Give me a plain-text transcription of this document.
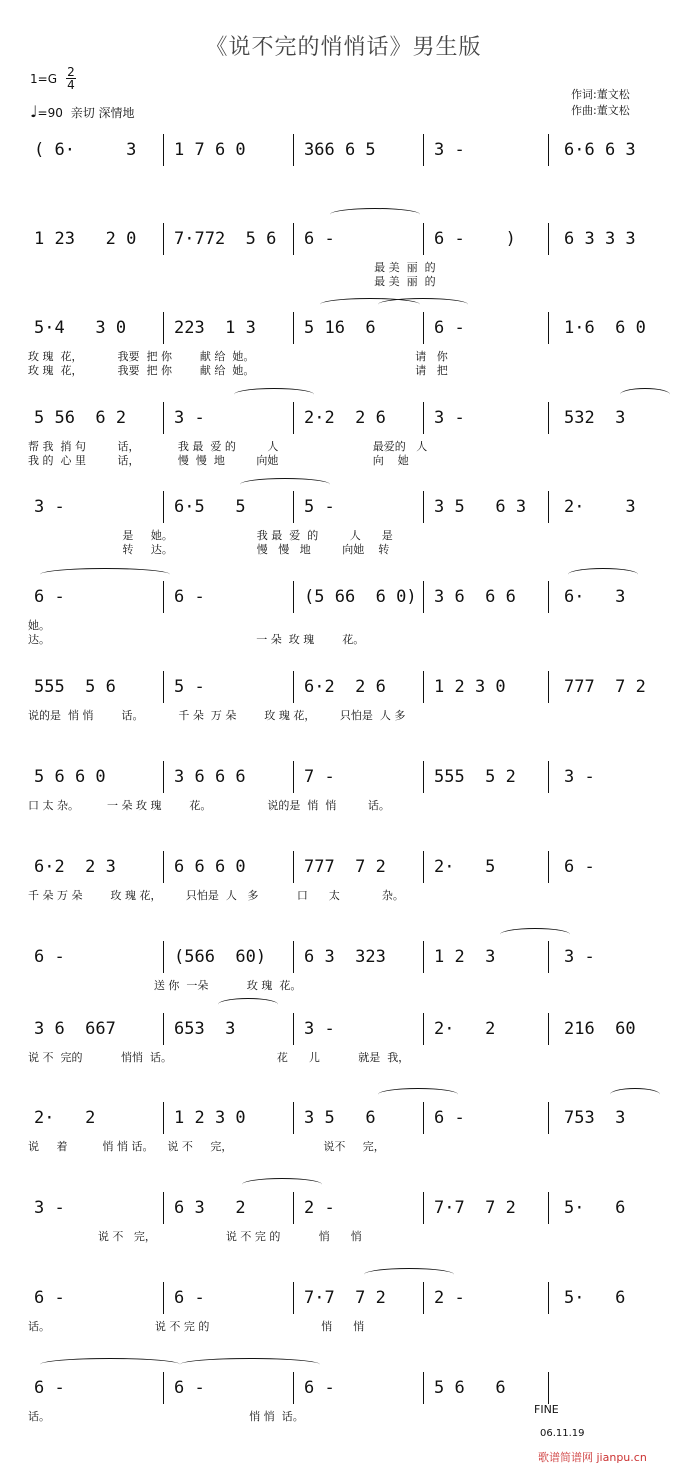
《说不完的悄悄话》男生版
$1=G \frac{2}{4}$
♩=90 亲切 深情地
作词:董文松
作曲:董文松
( 6·     3 1 7 6 0	366 6 5	3 -	6·6 6 3
1 23   2 0 7·772  5 6 6 -	6 -    )	6 3 3 3
最 美  丽  的
最 美  丽  的
5·4   3 0	223  1 3	5 16  6	6 -	1·6  6 0
玫 瑰  花，          我要  把 你        献 给  她。                                              请   你
玫 瑰  花，          我要  把 你        献 给  她。                                              请   把
5 56  6 2	3 -	2·2  2 6	3 -	532  3
帮 我  捎 句         话，           我 最  爱 的         人                           最爱的   人
我 的  心 里         话，           慢  慢  地         向她                           向    她
3 -	6·5   5	5 -	3 5   6 3 2·    3
是     她。                        我 最  爱  的         人      是
转     达。                        慢   慢   地         向她    转
6 -	6 -	(5 66  6 0) 3 6  6 6	6·   3
她。
达。                                                           一 朵  玫 瑰        花。
555  5 6	5 -	6·2  2 6	1 2 3 0	777  7 2
说的是  悄 悄        话。          千 朵  万 朵        玫 瑰 花，       只怕是  人 多
5 6 6 0	3 6 6 6	7 -	555  5 2	3 -
口 太 杂。        一 朵 玫 瑰        花。                说的是  悄  悄         话。
6·2  2 3	6 6 6 0	777  7 2	2·   5	6 -
千 朵 万 朵        玫 瑰 花，       只怕是  人   多           口      太            杂。
6 -	(566  60) 6 3  323	1 2  3	3 -
送 你  一朵           玫 瑰  花。
3 6  667	653  3	3 -	2·   2	216  60
说 不  完的           悄悄  话。                              花      儿           就是  我，
2·   2	1 2 3 0	3 5   6	6 -	753  3
说     着          悄 悄 话。    说 不     完，                          说不     完，
3 -	6 3   2	2 -	7·7  7 2	5·   6
说 不   完，                    说 不 完 的           悄      悄
6 -	6 -	7·7  7 2	2 -	5·   6
话。                              说 不 完 的                                悄      悄
6 -	6 -	6 -	5 6   6
话。                                                         悄 悄  话。
FINE
06.11.19
歌谱简谱网 jianpu.cn
